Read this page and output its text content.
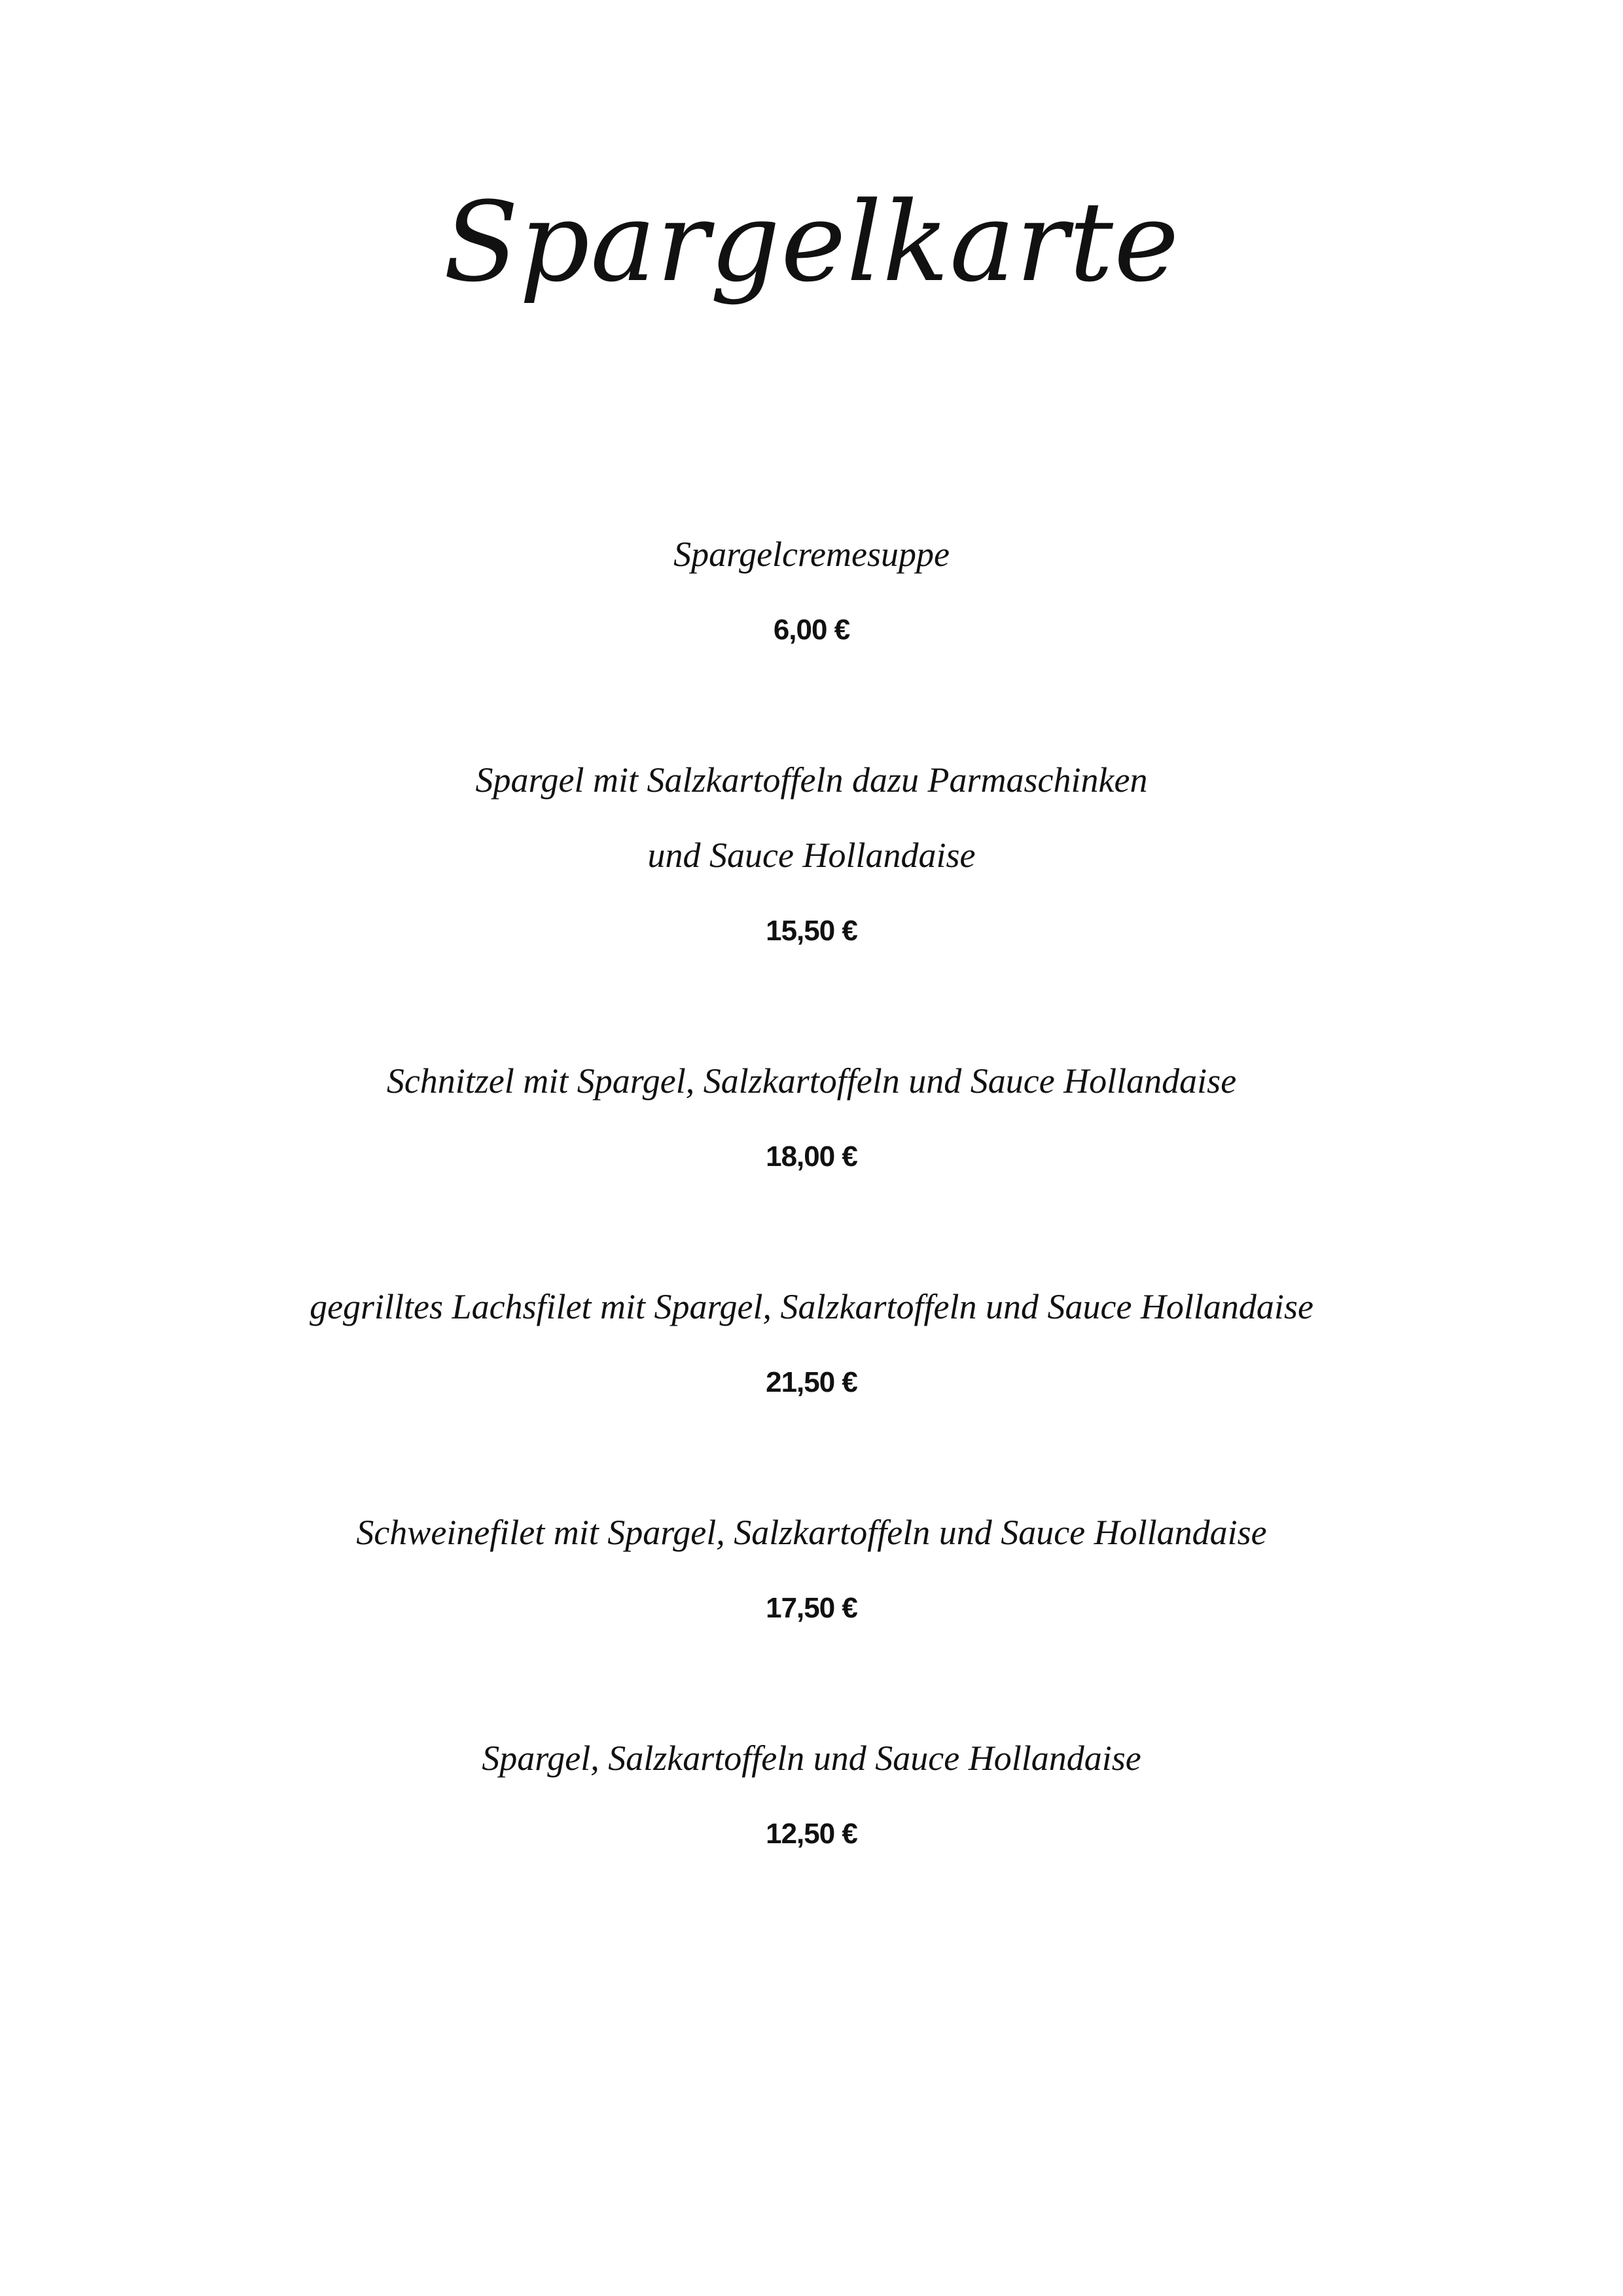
Spargelkarte
Spargelcremesuppe
6,00 €
Spargel mit Salzkartoffeln dazu Parmaschinken
und Sauce Hollandaise
15,50 €
Schnitzel mit Spargel, Salzkartoffeln und Sauce Hollandaise
18,00 €
gegrilltes Lachsfilet mit Spargel, Salzkartoffeln und Sauce Hollandaise
21,50 €
Schweinefilet mit Spargel, Salzkartoffeln und Sauce Hollandaise
17,50 €
Spargel, Salzkartoffeln und Sauce Hollandaise
12,50 €
